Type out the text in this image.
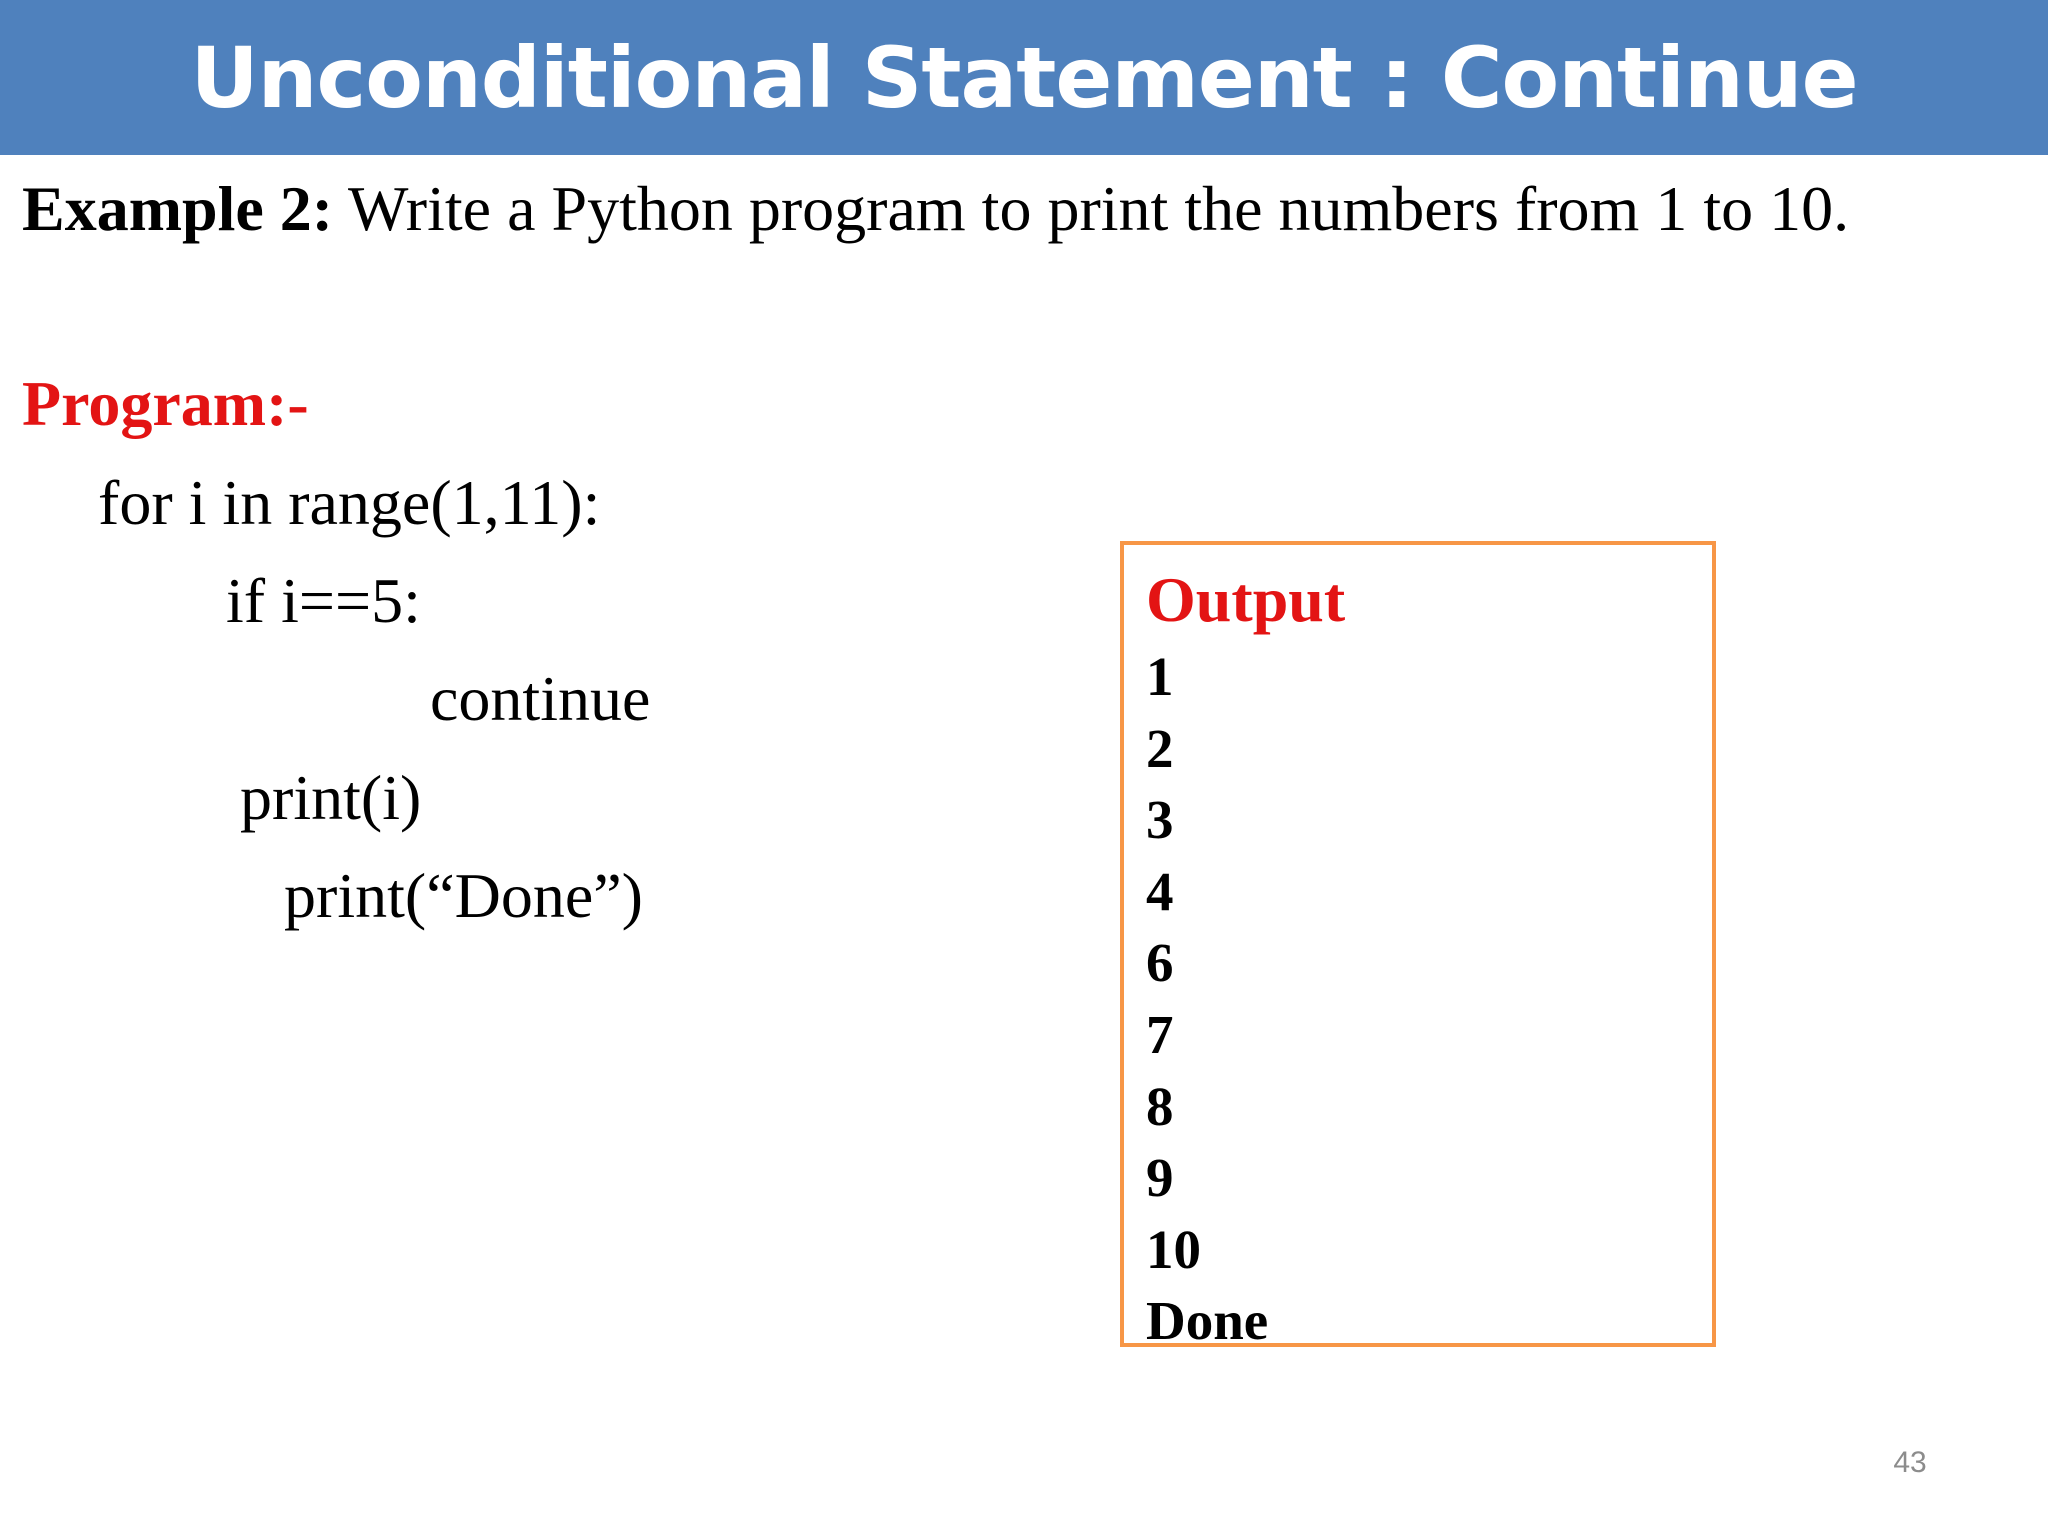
Unconditional Statement : Continue
Example 2: Write a Python program to print the numbers from 1 to 10.
Program:-
for i in range(1,11):
if i==5:
continue
print(i)
print(“Done”)
Output
1
2
3
4
6
7
8
9
10
Done
43
